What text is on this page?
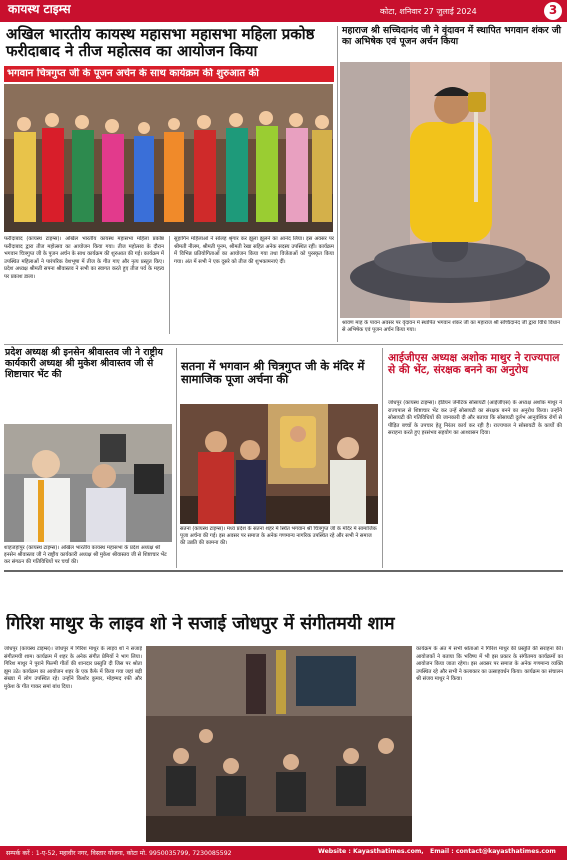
कायस्थ टाइम्स	कोटा, शनिवार 27 जुलाई 2024	3
अखिल भारतीय कायस्थ महासभा महासभा महिला प्रकोष्ठ फरीदाबाद ने तीज महोत्सव का आयोजन किया
भगवान चित्रगुप्त जी के पूजन अर्चन के साथ कार्यक्रम की शुरुआत की
फरीदाबाद (कायस्थ टाइम्स)। अखिल भारतीय कायस्थ महासभा महिला प्रकोष्ठ फरीदाबाद द्वारा तीज महोत्सव का आयोजन किया गया। तीज महोत्सव के दौरान भगवान चित्रगुप्त जी के पूजन अर्चन के साथ कार्यक्रम की शुरुआत की गई। कार्यक्रम में उपस्थित महिलाओं ने पारंपरिक वेशभूषा में तीज के गीत गाए और नृत्य प्रस्तुत किए। प्रदेश अध्यक्ष श्रीमती सपना श्रीवास्तव ने सभी का स्वागत करते हुए तीज पर्व के महत्व पर प्रकाश डाला।
सुहागिन महिलाओं ने सोलह श्रृंगार कर झूला झूलने का आनंद लिया। इस अवसर पर श्रीमती नीलम, श्रीमती पूनम, श्रीमती रेखा सहित अनेक सदस्य उपस्थित रहीं। कार्यक्रम में विभिन्न प्रतियोगिताओं का आयोजन किया गया तथा विजेताओं को पुरस्कृत किया गया। अंत में सभी ने एक दूसरे को तीज की शुभकामनाएं दीं।
महाराज श्री सच्चिदानंद जी ने वृंदावन में स्थापित भगवान शंकर जी का अभिषेक एवं पूजन अर्चन किया
श्रावण माह के पावन अवसर पर वृंदावन में स्थापित भगवान शंकर जी का महाराज श्री सच्चिदानंद जी द्वारा विधि विधान से अभिषेक एवं पूजन अर्चन किया गया।
प्रदेश अध्यक्ष श्री इनसेन श्रीवास्तव जी ने राष्ट्रीय कार्यकारी अध्यक्ष श्री मुकेश श्रीवास्तव जी से शिष्टाचार भेंट की
शाहजहांपुर (कायस्थ टाइम्स)। अखिल भारतीय कायस्थ महासभा के प्रदेश अध्यक्ष श्री इनसेन श्रीवास्तव जी ने राष्ट्रीय कार्यकारी अध्यक्ष श्री मुकेश श्रीवास्तव जी से शिष्टाचार भेंट कर संगठन की गतिविधियों पर चर्चा की।
सतना में भगवान श्री चित्रगुप्त जी के मंदिर में सामाजिक पूजा अर्चना की
सतना (कायस्थ टाइम्स)। मध्य प्रदेश के सतना शहर में स्थित भगवान श्री चित्रगुप्त जी के मंदिर में सामाजिक पूजा अर्चना की गई। इस अवसर पर समाज के अनेक गणमान्य नागरिक उपस्थित रहे और सभी ने समाज की उन्नति की कामना की।
आईजीएस अध्यक्ष अशोक माथुर ने राज्यपाल से की भेंट, संरक्षक बनने का अनुरोध
जोधपुर (कायस्थ टाइम्स)। इंडियन जेनेटिक सोसायटी (आईजीएस) के अध्यक्ष अशोक माथुर ने राज्यपाल से शिष्टाचार भेंट कर उन्हें सोसायटी का संरक्षक बनने का अनुरोध किया। उन्होंने सोसायटी की गतिविधियों की जानकारी दी और बताया कि सोसायटी दुर्लभ आनुवंशिक रोगों से पीड़ित बच्चों के उपचार हेतु निरंतर कार्य कर रही है। राज्यपाल ने सोसायटी के कार्यों की सराहना करते हुए हरसंभव सहयोग का आश्वासन दिया।
गिरिश माथुर के लाइव शो ने सजाई जोधपुर में संगीतमयी शाम
जोधपुर (कायस्थ टाइम्स)। जोधपुर में गिरिश माथुर के लाइव शो ने सजाई संगीतमयी शाम। कार्यक्रम में शहर के अनेक संगीत प्रेमियों ने भाग लिया। गिरिश माथुर ने पुराने फिल्मी गीतों की शानदार प्रस्तुति दी जिस पर श्रोता झूम उठे। कार्यक्रम का आयोजन शहर के एक कैफे में किया गया जहां बड़ी संख्या में लोग उपस्थित रहे। उन्होंने किशोर कुमार, मोहम्मद रफी और मुकेश के गीत गाकर समां बांध दिया।
कार्यक्रम के अंत में सभी श्रोताओं ने गिरिश माथुर की प्रस्तुति की सराहना की। आयोजकों ने बताया कि भविष्य में भी इस प्रकार के संगीतमय कार्यक्रमों का आयोजन किया जाता रहेगा। इस अवसर पर समाज के अनेक गणमान्य व्यक्ति उपस्थित रहे और सभी ने कलाकार का उत्साहवर्धन किया। कार्यक्रम का संचालन श्री संजय माथुर ने किया।
सम्पर्क करें : 1-ए-52, महावीर नगर, विस्तार योजना, कोटा मो. 9950035799, 7230085592	Website : Kayasthatimes.com, Email : contact@kayasthatimes.com
